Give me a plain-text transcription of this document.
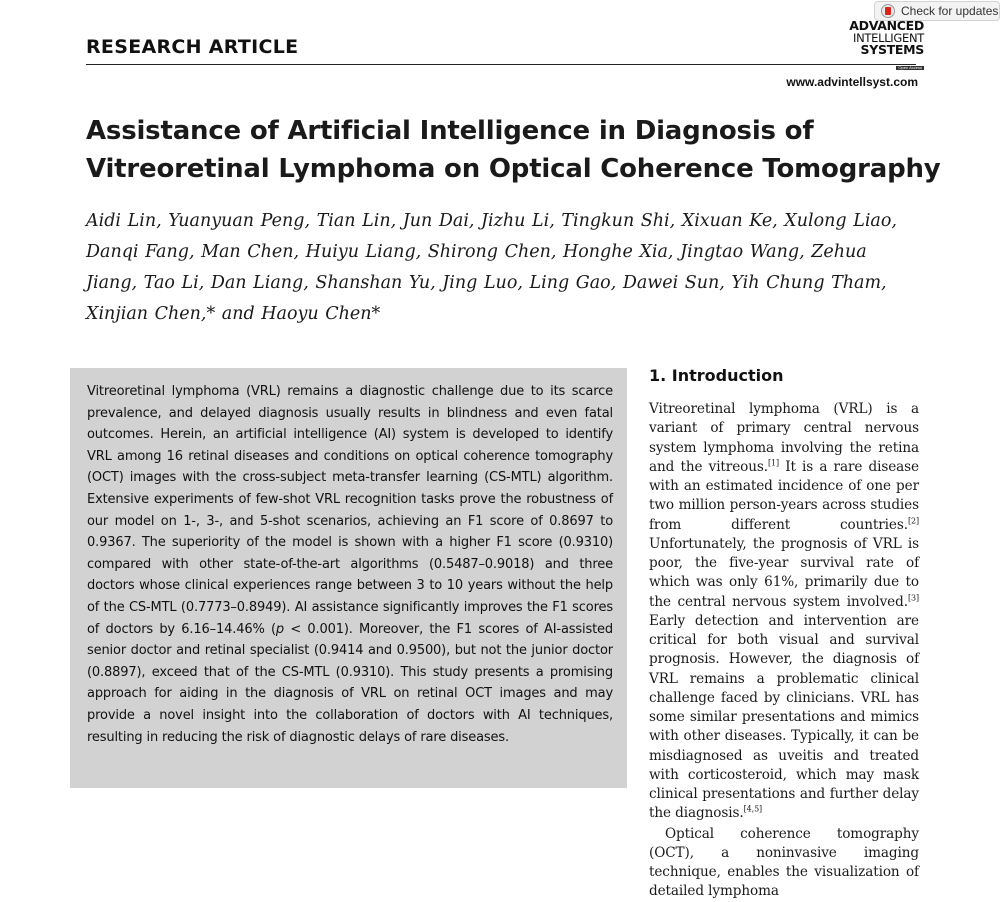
Check for updates
RESEARCH ARTICLE
ADVANCED
INTELLIGENT
SYSTEMS
Open Access
www.advintellsyst.com
Assistance of Artificial Intelligence in Diagnosis of Vitreoretinal Lymphoma on Optical Coherence Tomography

Aidi Lin, Yuanyuan Peng, Tian Lin, Jun Dai, Jizhu Li, Tingkun Shi, Xixuan Ke, Xulong Liao, Danqi Fang, Man Chen, Huiyu Liang, Shirong Chen, Honghe Xia, Jingtao Wang, Zehua Jiang, Tao Li, Dan Liang, Shanshan Yu, Jing Luo, Ling Gao, Dawei Sun, Yih Chung Tham, Xinjian Chen,* and Haoyu Chen*

Vitreoretinal lymphoma (VRL) remains a diagnostic challenge due to its scarce prevalence, and delayed diagnosis usually results in blindness and even fatal outcomes. Herein, an artificial intelligence (AI) system is developed to identify VRL among 16 retinal diseases and conditions on optical coherence tomography (OCT) images with the cross-subject meta-transfer learning (CS-MTL) algorithm. Extensive experiments of few-shot VRL recognition tasks prove the robustness of our model on 1-, 3-, and 5-shot scenarios, achieving an F1 score of 0.8697 to 0.9367. The superiority of the model is shown with a higher F1 score (0.9310) compared with other state-of-the-art algorithms (0.5487–0.9018) and three doctors whose clinical experiences range between 3 to 10 years without the help of the CS-MTL (0.7773–0.8949). AI assistance significantly improves the F1 scores of doctors by 6.16–14.46% (p < 0.001). Moreover, the F1 scores of AI-assisted senior doctor and retinal specialist (0.9414 and 0.9500), but not the junior doctor (0.8897), exceed that of the CS-MTL (0.9310). This study presents a promising approach for aiding in the diagnosis of VRL on retinal OCT images and may provide a novel insight into the collaboration of doctors with AI techniques, resulting in reducing the risk of diagnostic delays of rare diseases.

1. Introduction

Vitreoretinal lymphoma (VRL) is a variant of primary central nervous system lymphoma involving the retina and the vitreous.[1] It is a rare disease with an estimated incidence of one per two million person-years across studies from different countries.[2] Unfortunately, the prognosis of VRL is poor, the five-year survival rate of which was only 61%, primarily due to the central nervous system involved.[3] Early detection and intervention are critical for both visual and survival prognosis. However, the diagnosis of VRL remains a problematic clinical challenge faced by clinicians. VRL has some similar presentations and mimics with other diseases. Typically, it can be misdiagnosed as uveitis and treated with corticosteroid, which may mask clinical presentations and further delay the diagnosis.[4,5]

Optical coherence tomography (OCT), a noninvasive imaging technique, enables the visualization of detailed lymphoma
